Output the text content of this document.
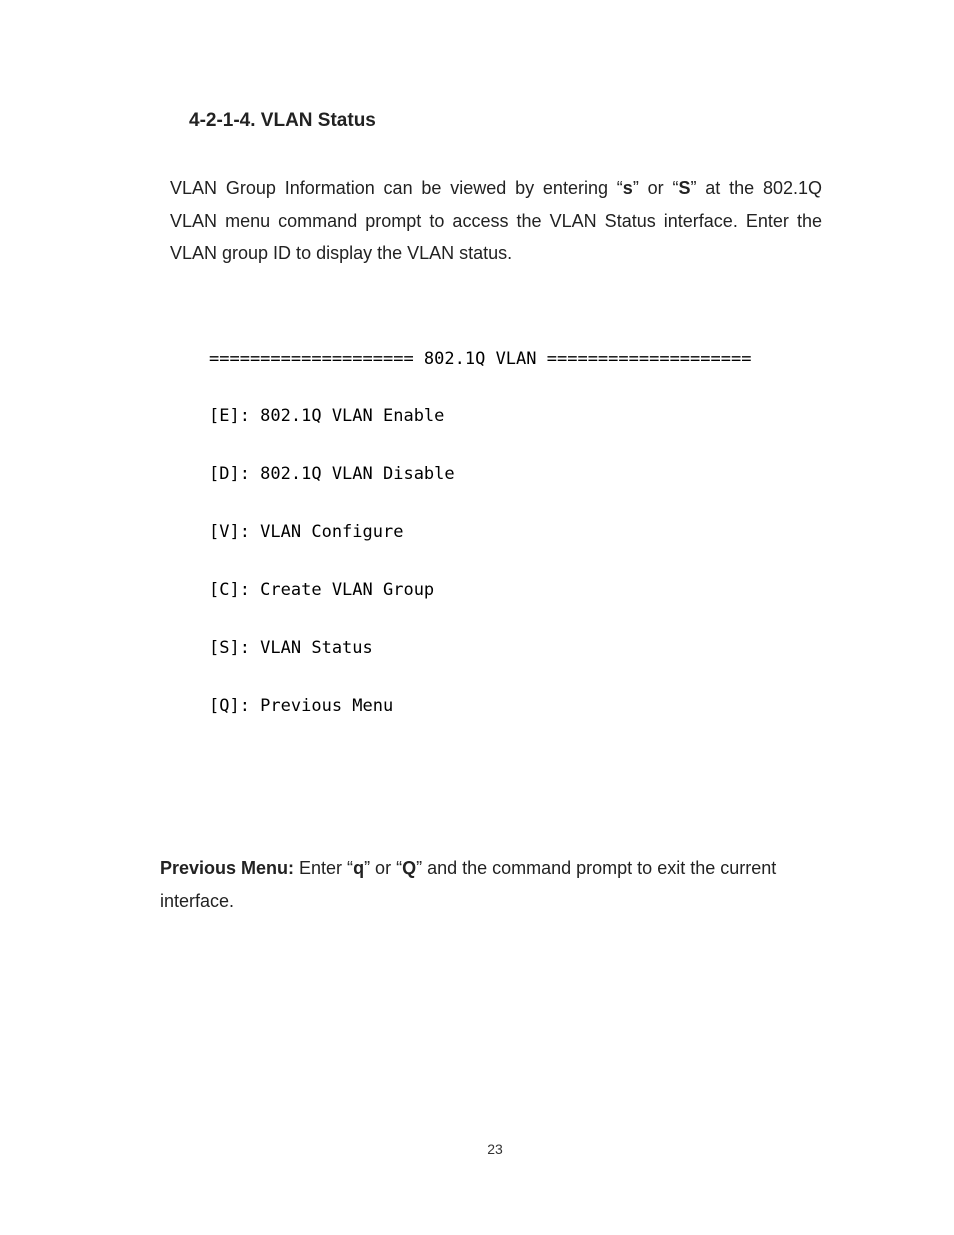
4-2-1-4. VLAN Status

VLAN Group Information can be viewed by entering “s” or “S” at the 802.1Q VLAN menu command prompt to access the VLAN Status interface. Enter the VLAN group ID to display the VLAN status.

==================== 802.1Q VLAN ====================

[E]: 802.1Q VLAN Enable

[D]: 802.1Q VLAN Disable

[V]: VLAN Configure

[C]: Create VLAN Group

[S]: VLAN Status

[Q]: Previous Menu

Previous Menu: Enter “q” or “Q” and the command prompt to exit the current interface.

23
